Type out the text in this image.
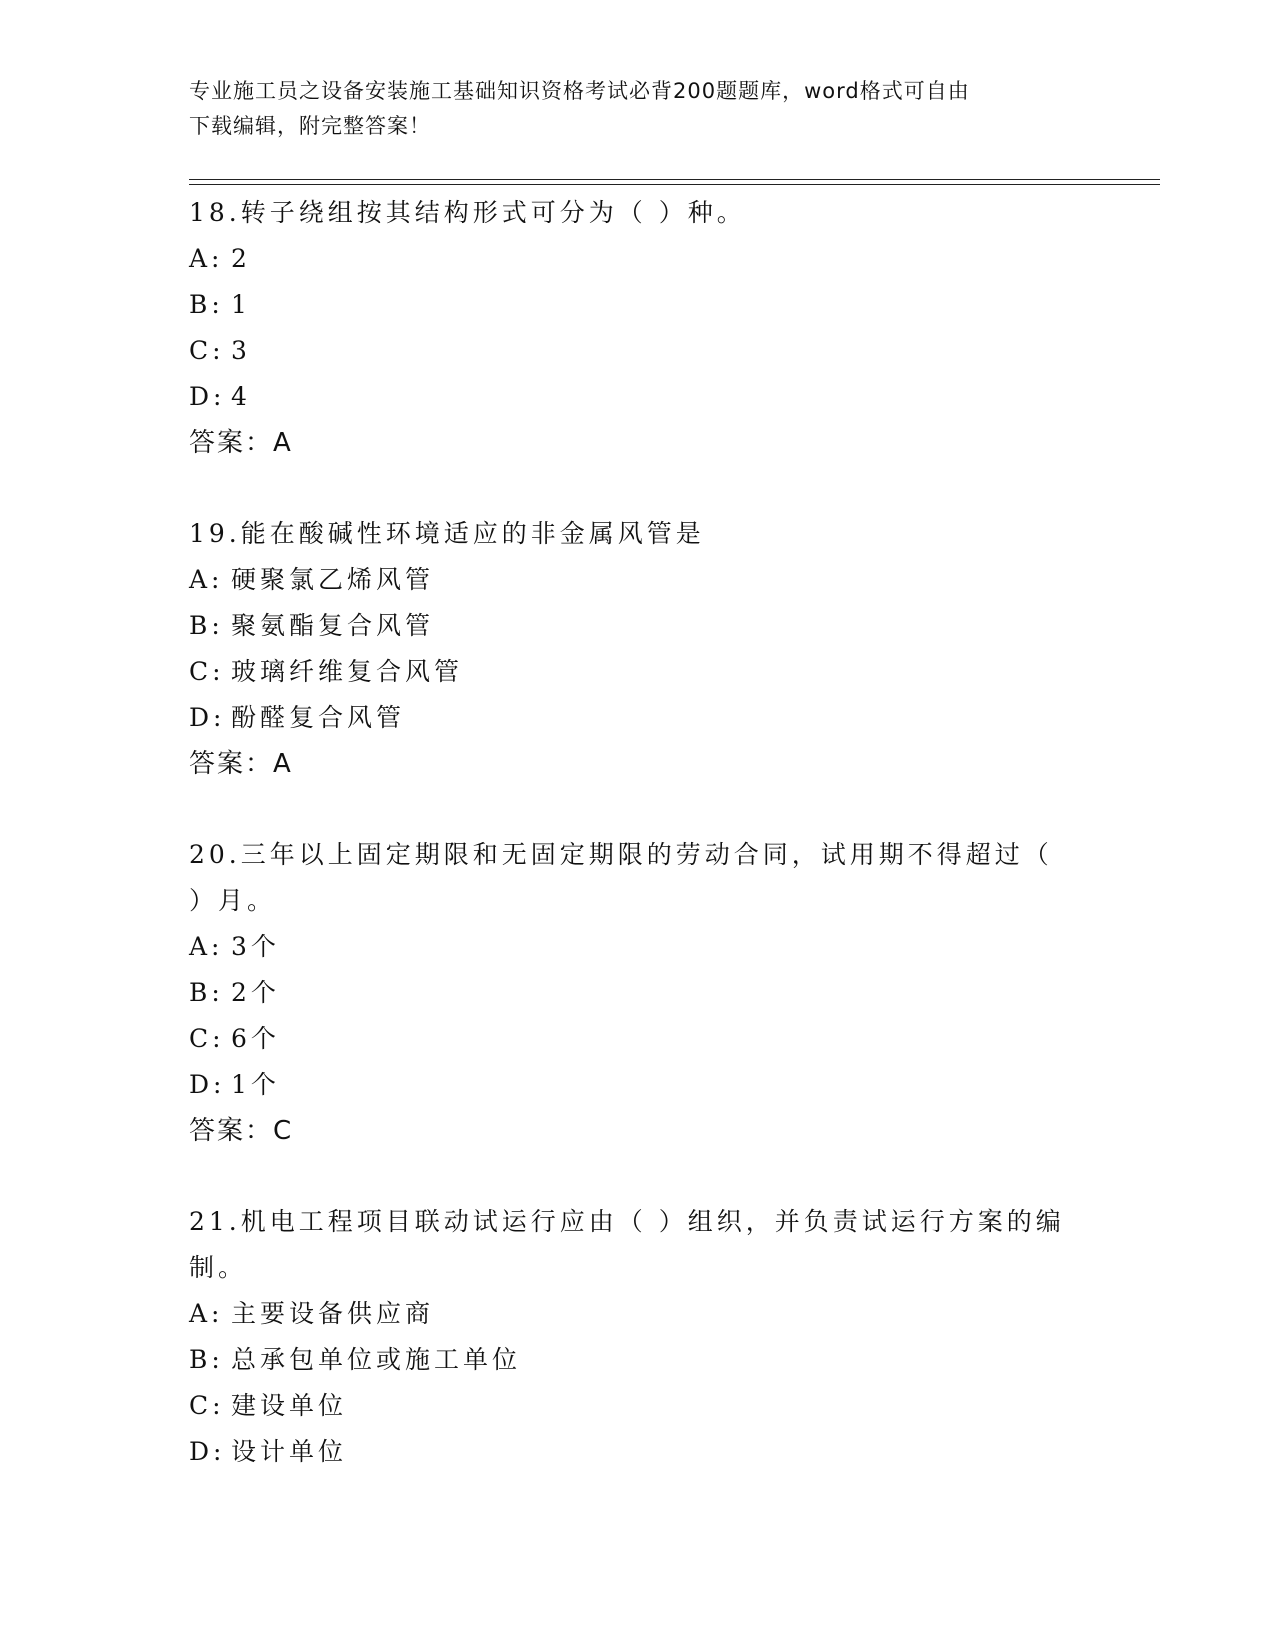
专业施工员之设备安装施工基础知识资格考试必背200题题库，word格式可自由
下载编辑，附完整答案！
18.转子绕组按其结构形式可分为（ ）种。
A: 2
B: 1
C: 3
D: 4
答案：A
19.能在酸碱性环境适应的非金属风管是
A: 硬聚氯乙烯风管
B: 聚氨酯复合风管
C: 玻璃纤维复合风管
D: 酚醛复合风管
答案：A
20.三年以上固定期限和无固定期限的劳动合同，试用期不得超过（ ）月。
A: 3个
B: 2个
C: 6个
D: 1个
答案：C
21.机电工程项目联动试运行应由（ ）组织，并负责试运行方案的编制。
A: 主要设备供应商
B: 总承包单位或施工单位
C: 建设单位
D: 设计单位
